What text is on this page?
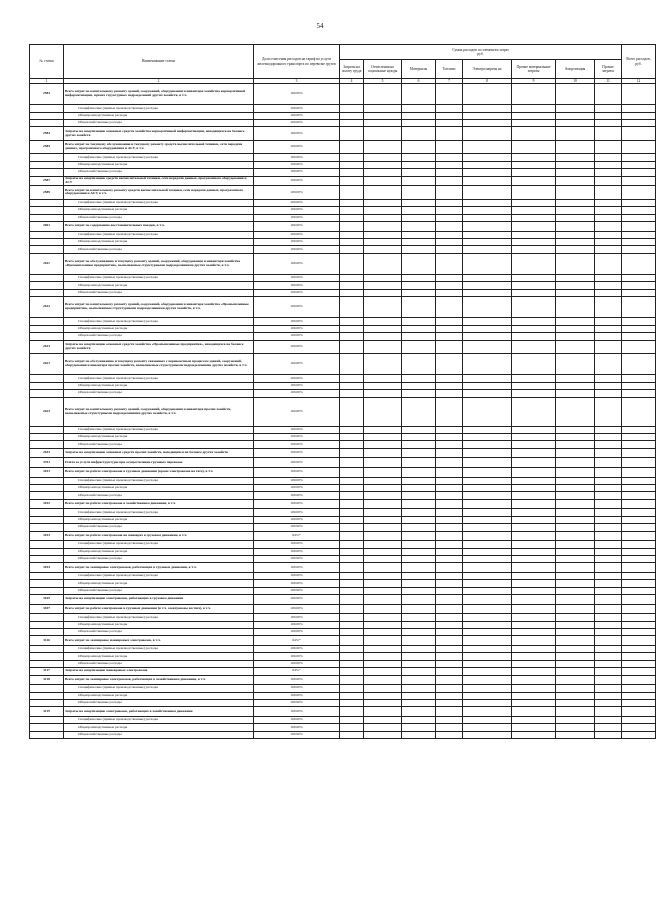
54
№ статьи	Наименование статьи	Доля отнесения расходов на тариф на услуги железнодорожного транспорта по перевозке грузов	Сумма расходов по элементам затрат
руб.								Всего расходов, руб.
			Затраты на оплату труда	Отчисления на социальные нужды	Материалы	Топливо	Электроэнергия на	Прочие материальные затраты	Амортизация	Прочие затраты	
1	2	3	4	5	6	7	8	9	10	11	12
2583	Всего затрат по капитальному ремонту зданий, сооружений, оборудования и инвентаря хозяйства корпоративной информатизации, прочих структурных подразделений других хозяйств, в т.ч.	100.00%									
	Специфические (прямые производственные) расходы	100.00%									
	Общепроизводственные расходы	100.00%									
	Общехозяйственные расходы	100.00%									
2584	Затраты на амортизацию основных средств хозяйства корпоративной информатизации, находящихся на балансе других хозяйств	100.00%									
2585	Всего затрат по текущему обслуживанию и текущему ремонту средств вычислительной техники, сети передачи данных, программного оборудования и АСУ, в т.ч.	100.00%									
	Специфические (прямые производственные) расходы	100.00%									
	Общепроизводственные расходы	100.00%									
	Общехозяйственные расходы	100.00%									
2587	Затраты на амортизацию средств вычислительной техники, сети передачи данных, программного оборудования и АСУ	100.00%									
2589	Всего затрат по капитальному ремонту средств вычислительной техники, сети передачи данных, программного оборудования и АСУ, в т.ч.	100.00%									
	Специфические (прямые производственные) расходы	100.00%									
	Общепроизводственные расходы	100.00%									
	Общехозяйственные расходы	100.00%									
2601	Всего затрат по содержанию восстановительных поездов, в т.ч.	100.00%									
	Специфические (прямые производственные) расходы	100.00%									
	Общепроизводственные расходы	100.00%									
	Общехозяйственные расходы	100.00%									
2611	Всего затрат по обслуживанию и текущему ремонту зданий, сооружений, оборудования и инвентаря хозяйства «Промышленные предприятия», выполняемые структурными подразделениями других хозяйств, в т.ч.	100.00%									
	Специфические (прямые производственные) расходы	100.00%									
	Общепроизводственные расходы	100.00%									
	Общехозяйственные расходы	100.00%									
2612	Всего затрат по капитальному ремонту зданий, сооружений, оборудования и инвентаря хозяйства «Промышленные предприятия», выполняемые структурными подразделениями других хозяйств, в т.ч.	100.00%									
	Специфические (прямые производственные) расходы	100.00%									
	Общепроизводственные расходы	100.00%									
	Общехозяйственные расходы	100.00%									
2613	Затраты на амортизацию основных средств хозяйства «Промышленные предприятия», находящихся на балансе других хозяйств	100.00%									
2621	Всего затрат по обслуживанию и текущему ремонту связанных с перевозочным процессом зданий, сооружений, оборудования и инвентаря прочих хозяйств, выполняемые структурными подразделениями других хозяйств, в т.ч.	100.00%									
	Специфические (прямые производственные) расходы	100.00%									
	Общепроизводственные расходы	100.00%									
	Общехозяйственные расходы	100.00%									
2623	Всего затрат по капитальному ремонту зданий, сооружений, оборудования и инвентаря прочих хозяйств, выполняемые структурными подразделениями других хозяйств, в т.ч.	100.00%									
	Специфические (прямые производственные) расходы	100.00%									
	Общепроизводственные расходы	100.00%									
	Общехозяйственные расходы	100.00%									
2633	Затраты на амортизацию основных средств прочих хозяйств, находящихся на балансе других хозяйств	100.00%									
3701	Плата за услуги инфраструктуры при осуществлении грузовых перевозок	100.00%									
3101	Всего затрат по работе электровозов в грузовом движении (кроме электровозов на тяге), в т.ч.	100.00%									
	Специфические (прямые производственные) расходы	100.00%									
	Общепроизводственные расходы	100.00%									
	Общехозяйственные расходы	100.00%									
3102	Всего затрат по работе электровозов в хозяйственном движении, в т.ч.	100.00%									
	Специфические (прямые производственные) расходы	100.00%									
	Общепроизводственные расходы	100.00%									
	Общехозяйственные расходы	100.00%									
3103	Всего затрат по работе электровозов на маневрах в грузовом движении, в т.ч.	64%*									
	Специфические (прямые производственные) расходы	100.00%									
	Общепроизводственные расходы	100.00%									
	Общехозяйственные расходы	100.00%									
3104	Всего затрат по экипировке электровозов, работающих в грузовом движении, в т.ч.	100.00%									
	Специфические (прямые производственные) расходы	100.00%									
	Общепроизводственные расходы	100.00%									
	Общехозяйственные расходы	100.00%									
3105	Затраты на амортизацию электровозов, работающих в грузовом движении	100.00%									
3107	Всего затрат по работе электровозов в грузовом движении (в т.ч. электровозы на тяге), в т.ч.	100.00%									
	Специфические (прямые производственные) расходы	100.00%									
	Общепроизводственные расходы	100.00%									
	Общехозяйственные расходы	100.00%									
3116	Всего затрат по экипировке маневровых электровозов, в т.ч.	64%*									
	Специфические (прямые производственные) расходы	100.00%									
	Общепроизводственные расходы	100.00%									
	Общехозяйственные расходы	100.00%									
3117	Затраты на амортизацию маневровых электровозов	64%*									
3118	Всего затрат по экипировке электровозов, работающих в хозяйственном движении, в т.ч.	100.00%									
	Специфические (прямые производственные) расходы	100.00%									
	Общепроизводственные расходы	100.00%									
	Общехозяйственные расходы	100.00%									
3119	Затраты на амортизацию электровозов, работающих в хозяйственном движении	100.00%									
	Специфические (прямые производственные) расходы	100.00%									
	Общепроизводственные расходы	100.00%									
	Общехозяйственные расходы	100.00%									
